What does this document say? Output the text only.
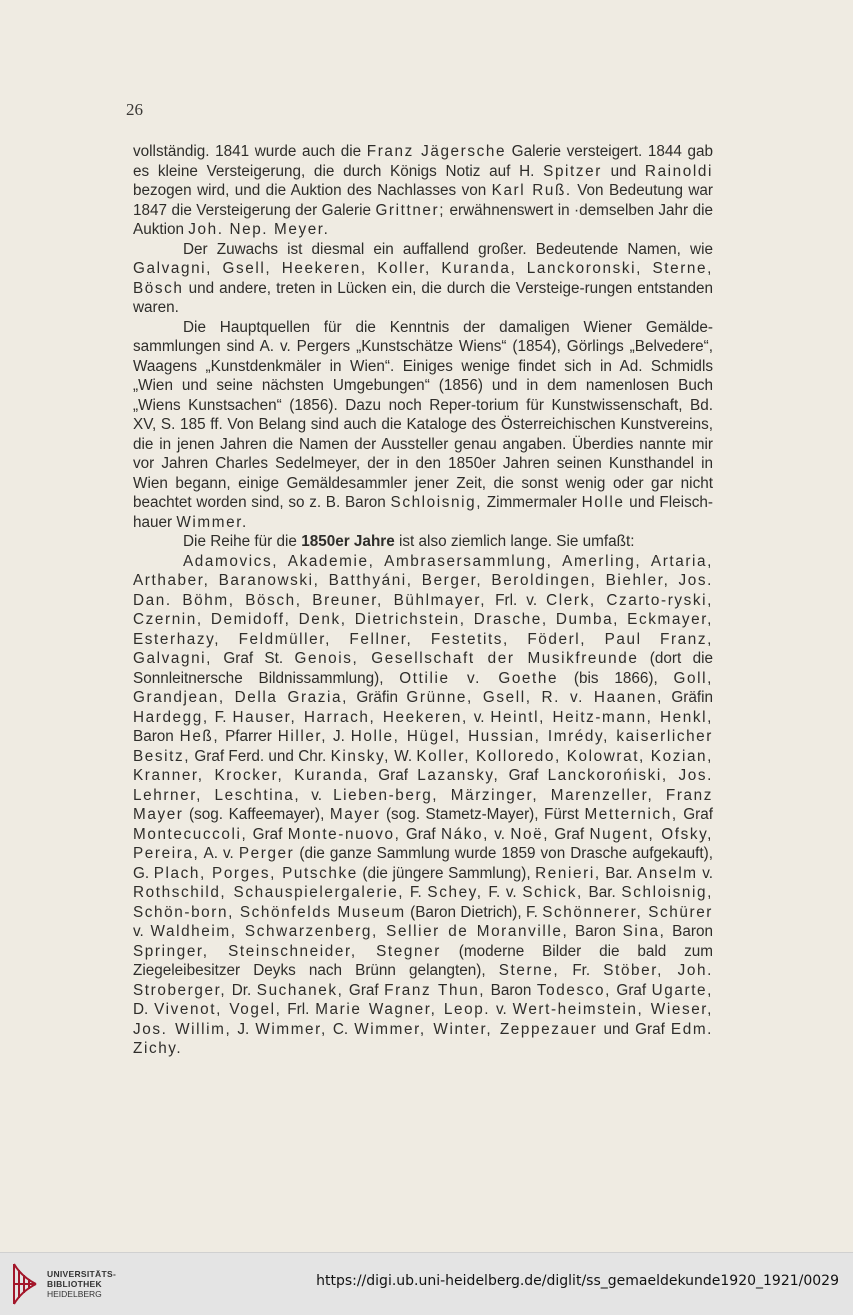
26

vollständig. 1841 wurde auch die Franz Jägersche Galerie versteigert. 1844 gab es kleine Versteigerung, die durch Königs Notiz auf H. Spitzer und Rainoldi bezogen wird, und die Auktion des Nachlasses von Karl Ruß. Von Bedeutung war 1847 die Versteigerung der Galerie Grittner; erwähnenswert in ·demselben Jahr die Auktion Joh. Nep. Meyer.

Der Zuwachs ist diesmal ein auffallend großer. Bedeutende Namen, wie Galvagni, Gsell, Heekeren, Koller, Kuranda, Lanckoronski, Sterne, Bösch und andere, treten in Lücken ein, die durch die Versteige-rungen entstanden waren.

Die Hauptquellen für die Kenntnis der damaligen Wiener Gemälde-sammlungen sind A. v. Pergers „Kunstschätze Wiens“ (1854), Görlings „Belvedere“, Waagens „Kunstdenkmäler in Wien“. Einiges wenige findet sich in Ad. Schmidls „Wien und seine nächsten Umgebungen“ (1856) und in dem namenlosen Buch „Wiens Kunstsachen“ (1856). Dazu noch Reper-torium für Kunstwissenschaft, Bd. XV, S. 185 ff. Von Belang sind auch die Kataloge des Österreichischen Kunstvereins, die in jenen Jahren die Namen der Aussteller genau angaben. Überdies nannte mir vor Jahren Charles Sedelmeyer, der in den 1850er Jahren seinen Kunsthandel in Wien begann, einige Gemäldesammler jener Zeit, die sonst wenig oder gar nicht beachtet worden sind, so z. B. Baron Schloisnig, Zimmermaler Holle und Fleisch-hauer Wimmer.

Die Reihe für die 1850er Jahre ist also ziemlich lange. Sie umfaßt:

Adamovics, Akademie, Ambrasersammlung, Amerling, Artaria, Arthaber, Baranowski, Batthyáni, Berger, Beroldingen, Biehler, Jos. Dan. Böhm, Bösch, Breuner, Bühlmayer, Frl. v. Clerk, Czarto-ryski, Czernin, Demidoff, Denk, Dietrichstein, Drasche, Dumba, Eckmayer, Esterhazy, Feldmüller, Fellner, Festetits, Föderl, Paul Franz, Galvagni, Graf St. Genois, Gesellschaft der Musikfreunde (dort die Sonnleitnersche Bildnissammlung), Ottilie v. Goethe (bis 1866), Goll, Grandjean, Della Grazia, Gräfin Grünne, Gsell, R. v. Haanen, Gräfin Hardegg, F. Hauser, Harrach, Heekeren, v. Heintl, Heitz-mann, Henkl, Baron Heß, Pfarrer Hiller, J. Holle, Hügel, Hussian, Imrédy, kaiserlicher Besitz, Graf Ferd. und Chr. Kinsky, W. Koller, Kolloredo, Kolowrat, Kozian, Kranner, Krocker, Kuranda, Graf Lazansky, Graf Lanckorońiski, Jos. Lehrner, Leschtina, v. Lieben-berg, Märzinger, Marenzeller, Franz Mayer (sog. Kaffeemayer), Mayer (sog. Stametz-Mayer), Fürst Metternich, Graf Montecuccoli, Graf Monte-nuovo, Graf Náko, v. Noë, Graf Nugent, Ofsky, Pereira, A. v. Perger (die ganze Sammlung wurde 1859 von Drasche aufgekauft), G. Plach, Porges, Putschke (die jüngere Sammlung), Renieri, Bar. Anselm v. Rothschild, Schauspielergalerie, F. Schey, F. v. Schick, Bar. Schloisnig, Schön-born, Schönfelds Museum (Baron Dietrich), F. Schönnerer, Schürer v. Waldheim, Schwarzenberg, Sellier de Moranville, Baron Sina, Baron Springer, Steinschneider, Stegner (moderne Bilder die bald zum Ziegeleibesitzer Deyks nach Brünn gelangten), Sterne, Fr. Stöber, Joh. Stroberger, Dr. Suchanek, Graf Franz Thun, Baron Todesco, Graf Ugarte, D. Vivenot, Vogel, Frl. Marie Wagner, Leop. v. Wert-heimstein, Wieser, Jos. Willim, J. Wimmer, C. Wimmer, Winter, Zeppezauer und Graf Edm. Zichy.

UNIVERSITÄTS-
BIBLIOTHEK
HEIDELBERG
https://digi.ub.uni-heidelberg.de/diglit/ss_gemaeldekunde1920_1921/0029
